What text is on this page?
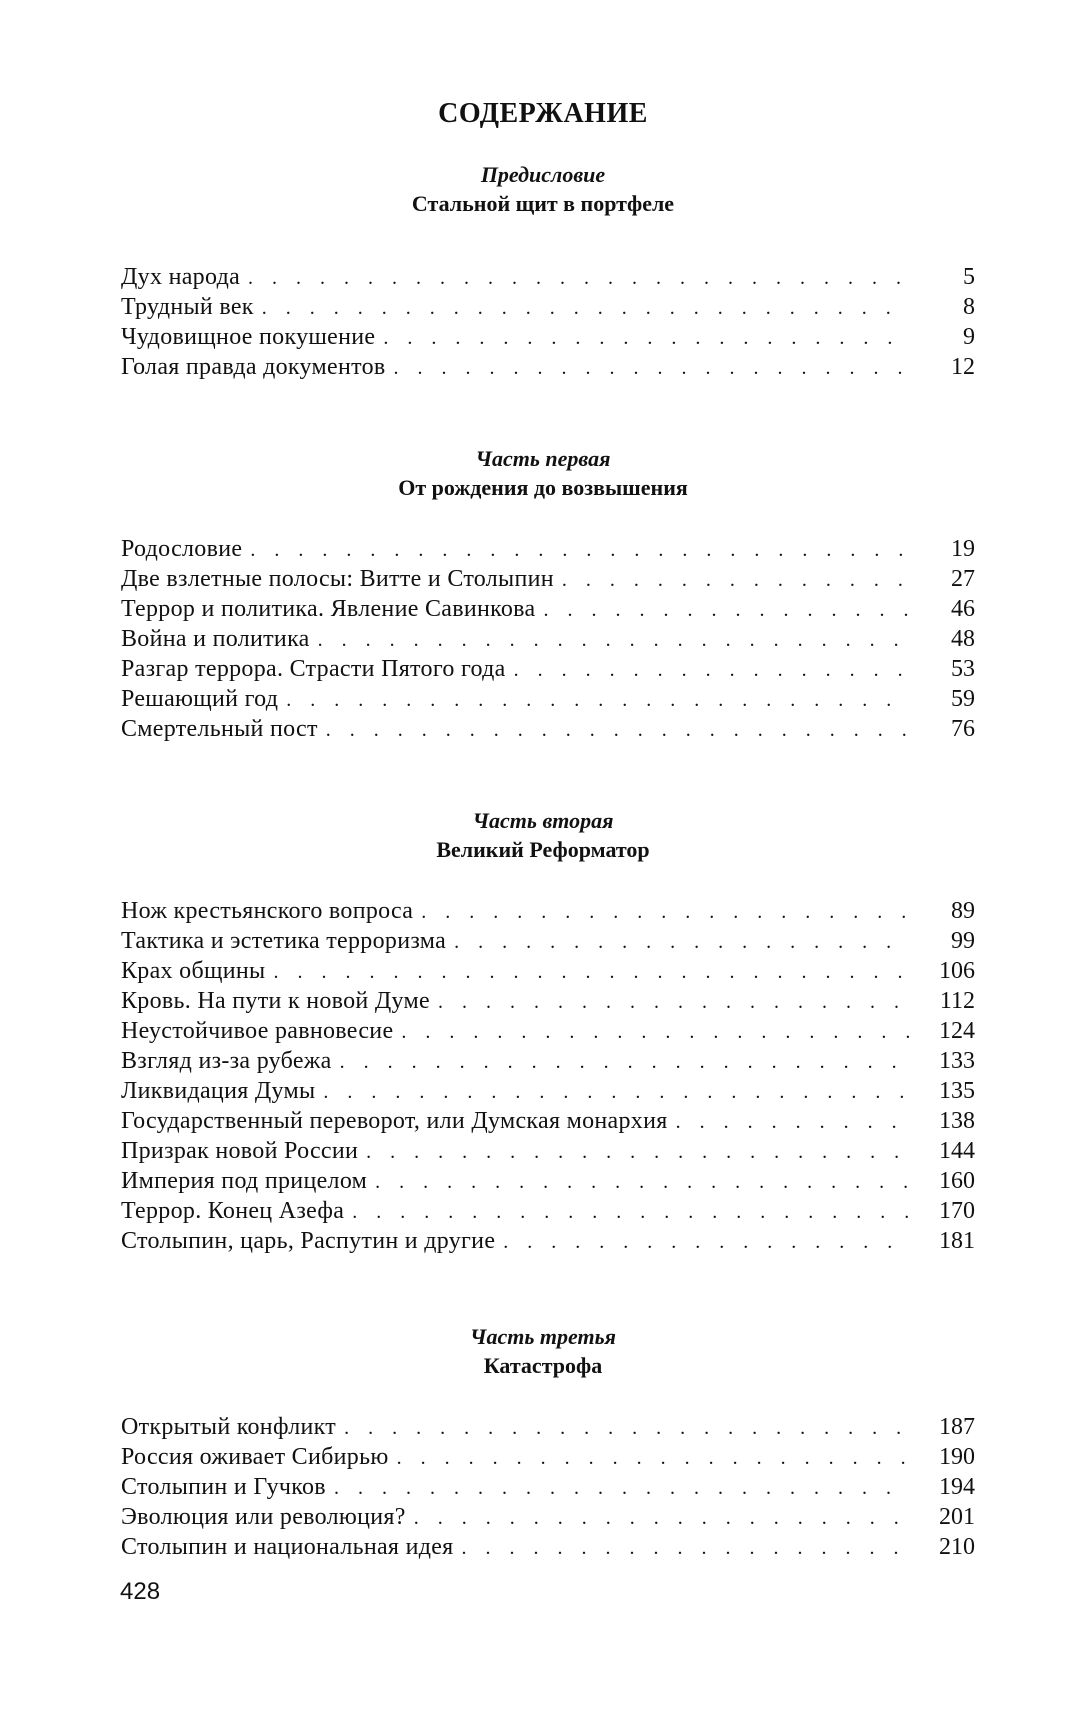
СОДЕРЖАНИЕ
Предисловие
Стальной щит в портфеле
Дух народа . . .	5
Трудный век . . .	8
Чудовищное покушение . . .	9
Голая правда документов . . .	12
Часть первая
От рождения до возвышения
Родословие . . .	19
Две взлетные полосы: Витте и Столыпин . . .	27
Террор и политика. Явление Савинкова . . .	46
Война и политика . . .	48
Разгар террора. Страсти Пятого года . . .	53
Решающий год . . .	59
Смертельный пост . . .	76
Часть вторая
Великий Реформатор
Нож крестьянского вопроса . . .	89
Тактика и эстетика терроризма . . .	99
Крах общины . . .	106
Кровь. На пути к новой Думе . . .	112
Неустойчивое равновесие . . .	124
Взгляд из-за рубежа . . .	133
Ликвидация Думы . . .	135
Государственный переворот, или Думская монархия . . .	138
Призрак новой России . . .	144
Империя под прицелом . . .	160
Террор. Конец Азефа . . .	170
Столыпин, царь, Распутин и другие . . .	181
Часть третья
Катастрофа
Открытый конфликт . . .	187
Россия оживает Сибирью . . .	190
Столыпин и Гучков . . .	194
Эволюция или революция? . . .	201
Столыпин и национальная идея . . .	210
428
